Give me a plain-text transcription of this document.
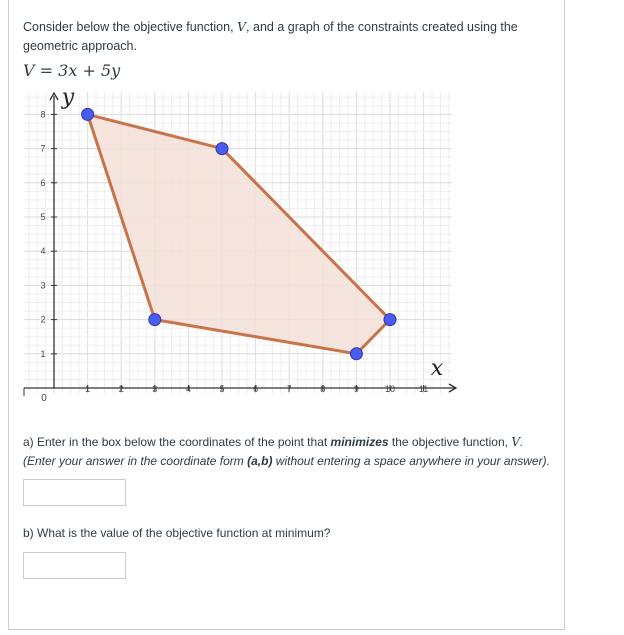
Consider below the objective function, V, and a graph of the constraints created using the geometric approach.

V = 3x + 5y
1	2	3	4	5	6	7	8	9	10	11
1
2
3
4
5
6
7
8
0
y
x

a) Enter in the box below the coordinates of the point that minimizes the objective function, V. (Enter your answer in the coordinate form (a,b) without entering a space anywhere in your answer).

b) What is the value of the objective function at minimum?
